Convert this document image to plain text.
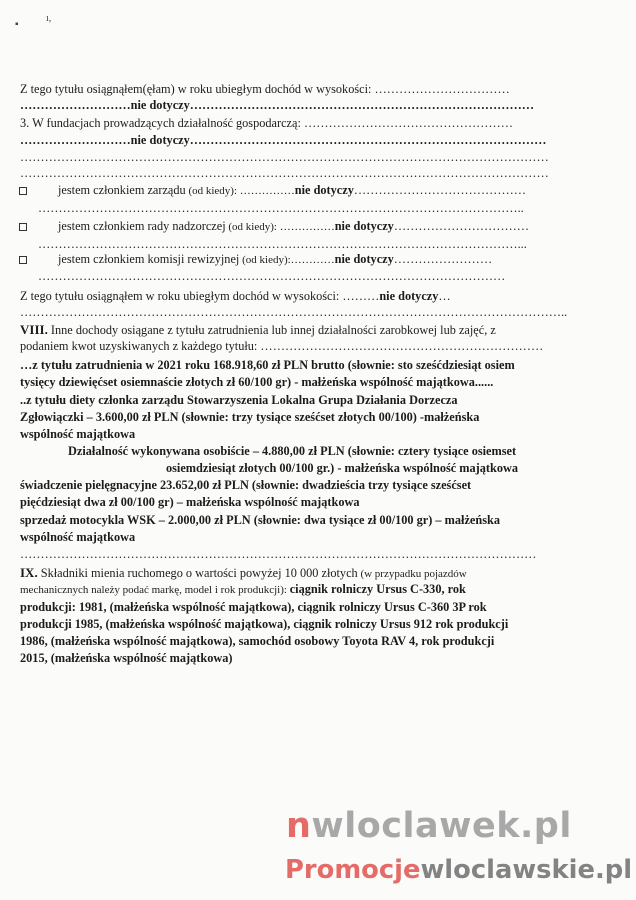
▪
ı,
Z tego tytułu osiągnąłem(ęłam) w roku ubiegłym dochód w wysokości: ……………………………
………………………nie dotyczy…………………………………………………………………………
3. W fundacjach prowadzących działalność gospodarczą: ……………………………………………
………………………nie dotyczy……………………………………………………………………………
…………………………………………………………………………………………………………………
…………………………………………………………………………………………………………………
jestem członkiem zarządu (od kiedy): ……………nie dotyczy……………………………………
………………………………………………………………………………………………………..
jestem członkiem rady nadzorczej (od kiedy): ……………nie dotyczy……………………………
………………………………………………………………………………………………………...
jestem członkiem komisji rewizyjnej (od kiedy):…………nie dotyczy……………………
……………………………………………………………………………………………………
Z tego tytułu osiągnąłem w roku ubiegłym dochód w wysokości: ………nie dotyczy…
……………………………………………………………………………………………………………………..
VIII. Inne dochody osiągane z tytułu zatrudnienia lub innej działalności zarobkowej lub zajęć, z
podaniem kwot uzyskiwanych z każdego tytułu: ……………………………………………………………
…z tytułu zatrudnienia w 2021 roku 168.918,60 zł PLN brutto (słownie: sto sześćdziesiąt osiem
tysięcy dziewięćset osiemnaście złotych zł 60/100 gr) - małżeńska wspólność majątkowa......
..z tytułu diety członka zarządu Stowarzyszenia Lokalna Grupa Działania Dorzecza
Zgłowiączki – 3.600,00 zł PLN (słownie: trzy tysiące sześćset złotych 00/100) -małżeńska
wspólność majątkowa
Działalność wykonywana osobiście – 4.880,00 zł PLN (słownie: cztery tysiące osiemset
osiemdziesiąt złotych 00/100 gr.) - małżeńska wspólność majątkowa
świadczenie pielęgnacyjne 23.652,00 zł PLN (słownie: dwadzieścia trzy tysiące sześćset
pięćdziesiąt dwa zł 00/100 gr) – małżeńska wspólność majątkowa
sprzedaż motocykla WSK – 2.000,00 zł PLN (słownie: dwa tysiące zł 00/100 gr) – małżeńska
wspólność majątkowa
………………………………………………………………………………………………………………
IX. Składniki mienia ruchomego o wartości powyżej 10 000 złotych (w przypadku pojazdów
mechanicznych należy podać markę, model i rok produkcji): ciągnik rolniczy Ursus C-330, rok
produkcji: 1981, (małżeńska wspólność majątkowa), ciągnik rolniczy Ursus C-360 3P rok
produkcji 1985, (małżeńska wspólność majątkowa), ciągnik rolniczy Ursus 912 rok produkcji
1986, (małżeńska wspólność majątkowa), samochód osobowy Toyota RAV 4, rok produkcji
2015, (małżeńska wspólność majątkowa)
nwloclawek.pl
Promocjewloclawskie.pl
